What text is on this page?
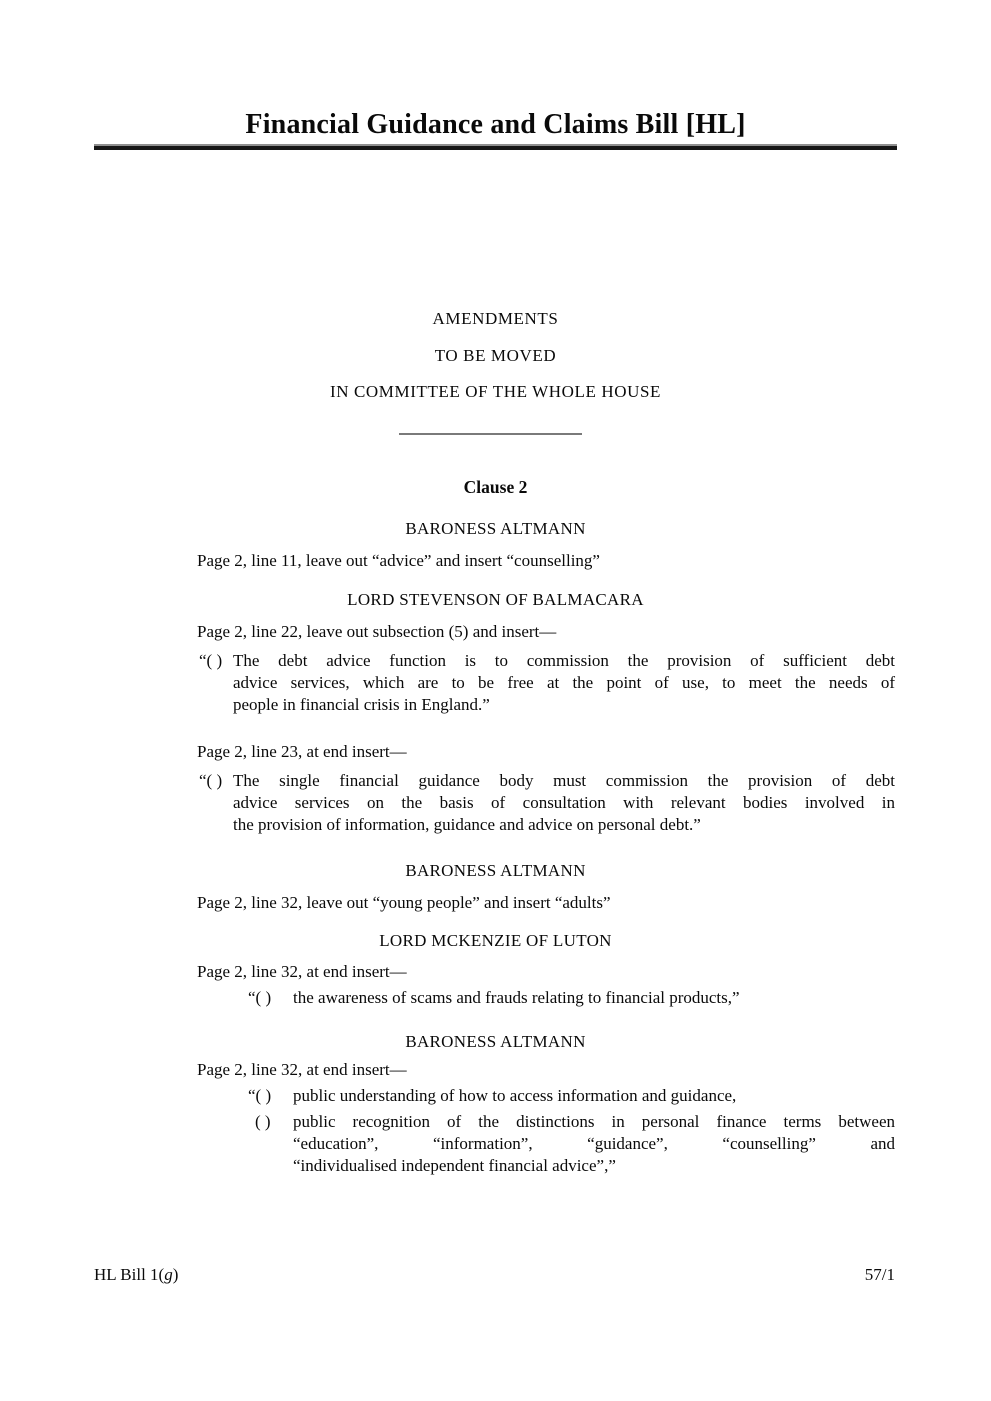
Financial Guidance and Claims Bill [HL]
AMENDMENTS
TO BE MOVED
IN COMMITTEE OF THE WHOLE HOUSE
Clause 2
BARONESS ALTMANN
Page 2, line 11, leave out “advice” and insert “counselling”
LORD STEVENSON OF BALMACARA
Page 2, line 22, leave out subsection (5) and insert—
“( ) The debt advice function is to commission the provision of sufficient debt
advice services, which are to be free at the point of use, to meet the needs of
people in financial crisis in England.”
Page 2, line 23, at end insert—
“( ) The single financial guidance body must commission the provision of debt
advice services on the basis of consultation with relevant bodies involved in
the provision of information, guidance and advice on personal debt.”
BARONESS ALTMANN
Page 2, line 32, leave out “young people” and insert “adults”
LORD MCKENZIE OF LUTON
Page 2, line 32, at end insert—
“( ) the awareness of scams and frauds relating to financial products,”
BARONESS ALTMANN
Page 2, line 32, at end insert—
“( ) public understanding of how to access information and guidance,
( ) public recognition of the distinctions in personal finance terms between
“education”, “information”, “guidance”, “counselling” and
“individualised independent financial advice”,”
HL Bill 1(g)	57/1
